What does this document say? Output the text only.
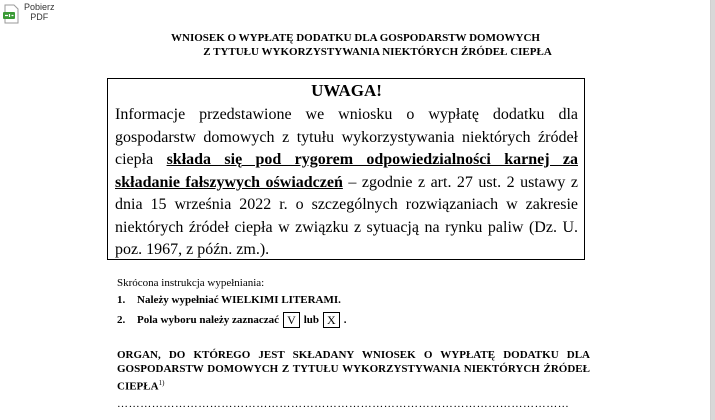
Pobierz
PDF
WNIOSEK O WYPŁATĘ DODATKU DLA GOSPODARSTW DOMOWYCH
Z TYTUŁU WYKORZYSTYWANIA NIEKTÓRYCH ŹRÓDEŁ CIEPŁA
UWAGA!
Informacje przedstawione we wniosku o wypłatę dodatku dla gospodarstw domowych z tytułu wykorzystywania niektórych źródeł ciepła składa się pod rygorem odpowiedzialności karnej za składanie fałszywych oświadczeń – zgodnie z art. 27 ust. 2 ustawy z dnia 15 września 2022 r. o szczególnych rozwiązaniach w zakresie niektórych źródeł ciepła w związku z sytuacją na rynku paliw (Dz. U. poz. 1967, z późn. zm.).
Skrócona instrukcja wypełniania:
1.	Należy wypełniać WIELKIMI LITERAMI.
2.	Pola wyboru należy zaznaczać V lub X .
ORGAN, DO KTÓREGO JEST SKŁADANY WNIOSEK O WYPŁATĘ DODATKU DLA GOSPODARSTW DOMOWYCH Z TYTUŁU WYKORZYSTYWANIA NIEKTÓRYCH ŹRÓDEŁ CIEPŁA$^{1)}$
………………………………………………………………………………………………………
